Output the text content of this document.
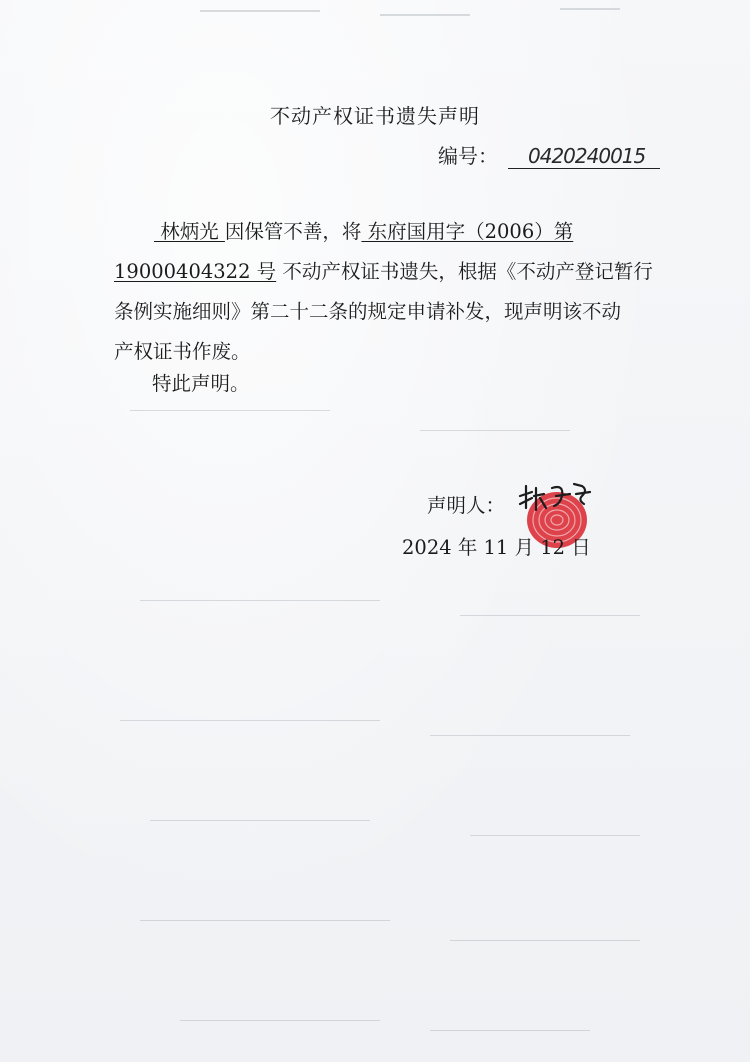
不动产权证书遗失声明
编号： 0420240015
林炳光 因保管不善，将 东府国用字（2006）第
19000404322 号 不动产权证书遗失，根据《不动产登记暂行
条例实施细则》第二十二条的规定申请补发，现声明该不动
产权证书作废。
特此声明。
声明人：
2024 年 11 月 12 日
